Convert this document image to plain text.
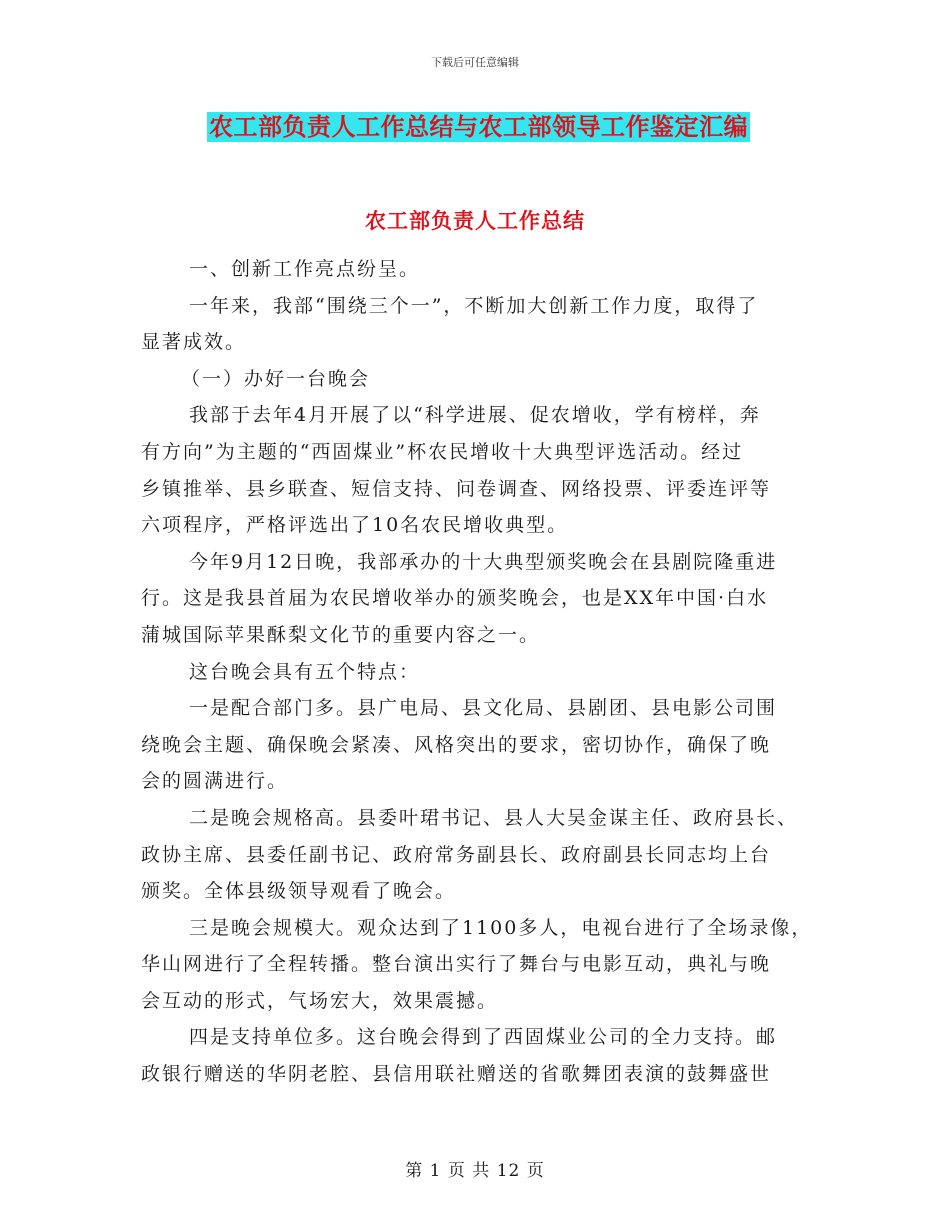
下载后可任意编辑
农工部负责人工作总结与农工部领导工作鉴定汇编
农工部负责人工作总结
一、创新工作亮点纷呈。
一年来，我部“围绕三个一”，不断加大创新工作力度，取得了
显著成效。
（一）办好一台晚会
我部于去年4月开展了以“科学进展、促农增收，学有榜样，奔
有方向”为主题的“西固煤业”杯农民增收十大典型评选活动。经过
乡镇推举、县乡联查、短信支持、问卷调查、网络投票、评委连评等
六项程序，严格评选出了10名农民增收典型。
今年9月12日晚，我部承办的十大典型颁奖晚会在县剧院隆重进
行。这是我县首届为农民增收举办的颁奖晚会，也是XX年中国·白水
蒲城国际苹果酥梨文化节的重要内容之一。
这台晚会具有五个特点：
一是配合部门多。县广电局、县文化局、县剧团、县电影公司围
绕晚会主题、确保晚会紧凑、风格突出的要求，密切协作，确保了晚
会的圆满进行。
二是晚会规格高。县委叶珺书记、县人大吴金谋主任、政府县长、
政协主席、县委任副书记、政府常务副县长、政府副县长同志均上台
颁奖。全体县级领导观看了晚会。
三是晚会规模大。观众达到了1100多人，电视台进行了全场录像，
华山网进行了全程转播。整台演出实行了舞台与电影互动，典礼与晚
会互动的形式，气场宏大，效果震撼。
四是支持单位多。这台晚会得到了西固煤业公司的全力支持。邮
政银行赠送的华阴老腔、县信用联社赠送的省歌舞团表演的鼓舞盛世
第 1 页 共 12 页
